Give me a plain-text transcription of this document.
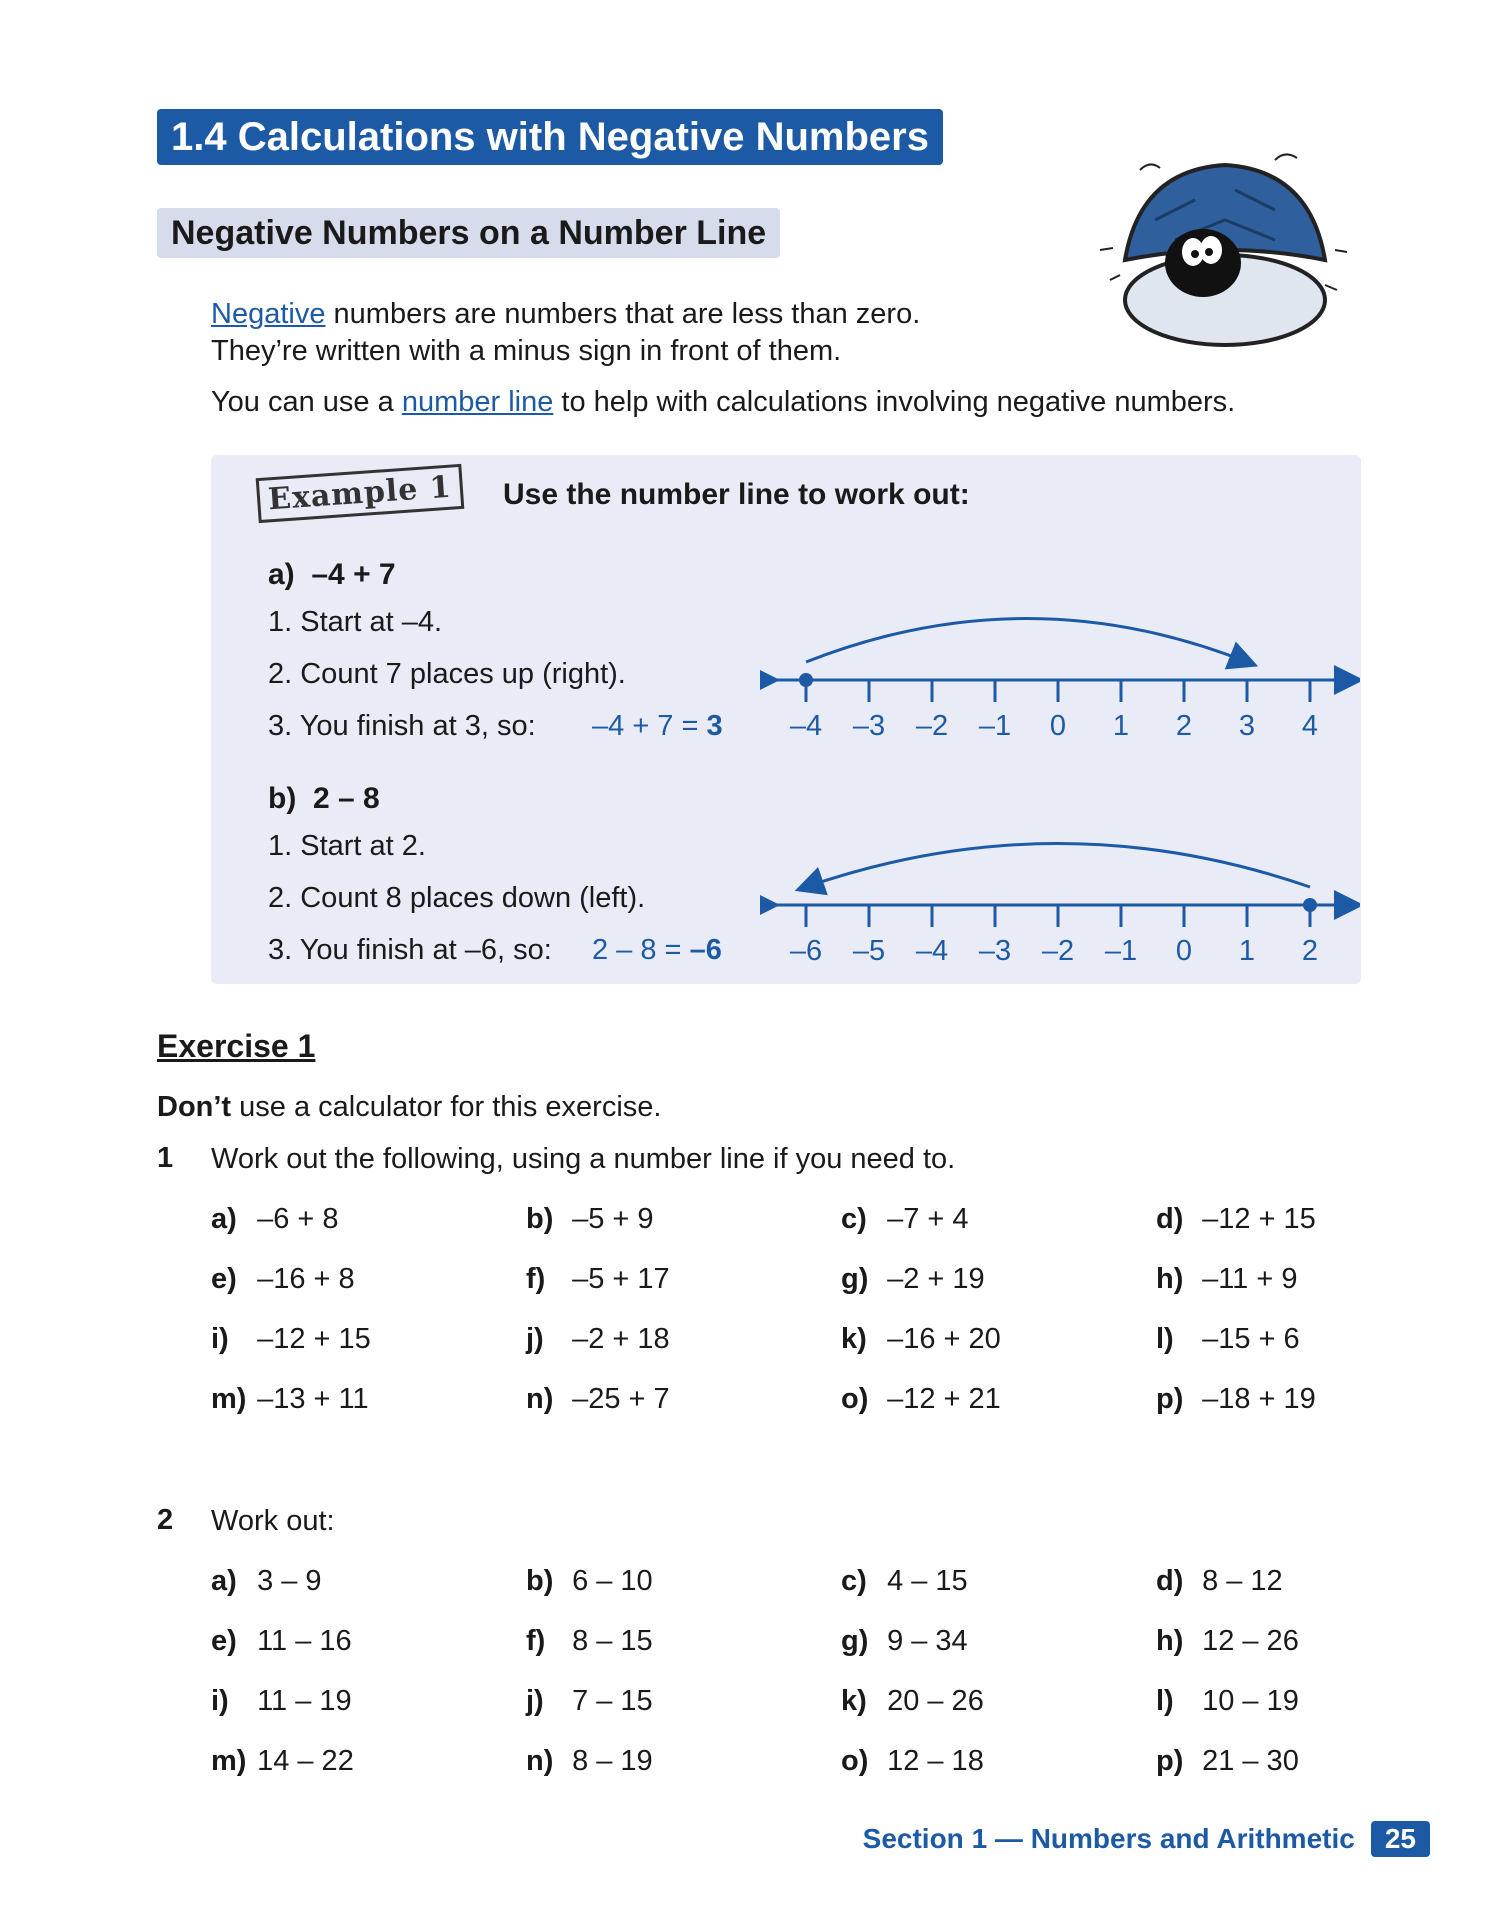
1.4 Calculations with Negative Numbers
Negative Numbers on a Number Line
Negative numbers are numbers that are less than zero.
They’re written with a minus sign in front of them.
You can use a number line to help with calculations involving negative numbers.
Example 1	Use the number line to work out:
a) –4 + 7
1. Start at –4.
2. Count 7 places up (right).
3. You finish at 3, so: –4 + 7 = 3 –4 –3 –2 –1 0 1 2 3 4
b) 2 – 8
1. Start at 2.
2. Count 8 places down (left).
3. You finish at –6, so: 2 – 8 = –6 –6 –5 –4 –3 –2 –1 0 1 2
Exercise 1
Don’t use a calculator for this exercise.
1 Work out the following, using a number line if you need to.
a) –6 + 8	b) –5 + 9	c) –7 + 4	d) –12 + 15
e) –16 + 8	f) –5 + 17	g) –2 + 19	h) –11 + 9
i) –12 + 15	j) –2 + 18	k) –16 + 20	l) –15 + 6
m) –13 + 11	n) –25 + 7	o) –12 + 21	p) –18 + 19
2 Work out:
a) 3 – 9	b) 6 – 10	c) 4 – 15	d) 8 – 12
e) 11 – 16	f) 8 – 15	g) 9 – 34	h) 12 – 26
i) 11 – 19	j) 7 – 15	k) 20 – 26	l) 10 – 19
m) 14 – 22	n) 8 – 19	o) 12 – 18	p) 21 – 30
Section 1 — Numbers and Arithmetic	25
